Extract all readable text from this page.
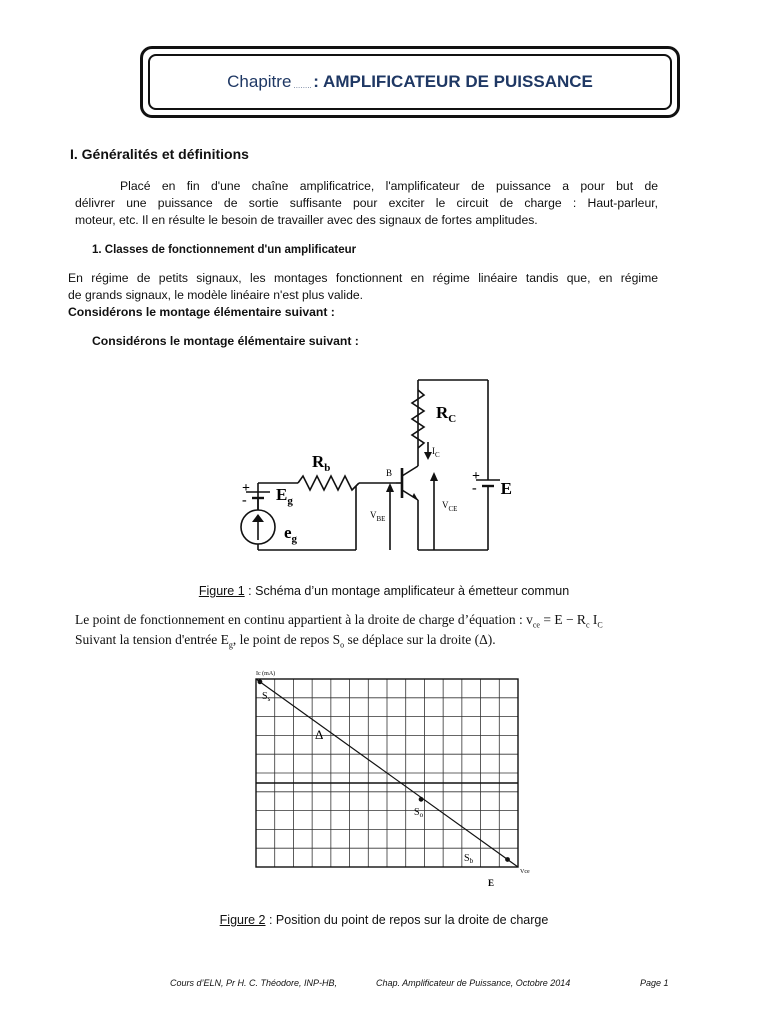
Chapitre …….. : AMPLIFICATEUR DE PUISSANCE
I. Généralités et définitions
Placé en fin d'une chaîne amplificatrice, l'amplificateur de puissance a pour but de
délivrer une puissance de sortie suffisante pour exciter le circuit de charge : Haut-parleur,
moteur, etc. Il en résulte le besoin de travailler avec des signaux de fortes amplitudes.
1. Classes de fonctionnement d'un amplificateur
En régime de petits signaux, les montages fonctionnent en régime linéaire tandis que, en régime
de grands signaux, le modèle linéaire n'est plus valide.
Considérons le montage élémentaire suivant :
Considérons le montage élémentaire suivant :
$R_b$
$R_C$
$E_g$
$e_g$
E
+
-
+
-
B
$I_C$
$V_{BE}$
$V_{CE}$
Figure 1 : Schéma d’un montage amplificateur à émetteur commun
Le point de fonctionnement en continu appartient à la droite de charge d’équation : $v_{ce} = E - R_c$ $I_C$
Suivant la tension d'entrée $E_g$, le point de repos $S_o$ se déplace sur la droite (Δ).
Ic (mA)
Vce
Δ
E
$S_s$
$S_o$
$S_b$
Figure 2 : Position du point de repos sur la droite de charge
Cours d’ELN, Pr H. C. Théodore, INP-HB,	Chap. Amplificateur de Puissance, Octobre 2014	Page 1
